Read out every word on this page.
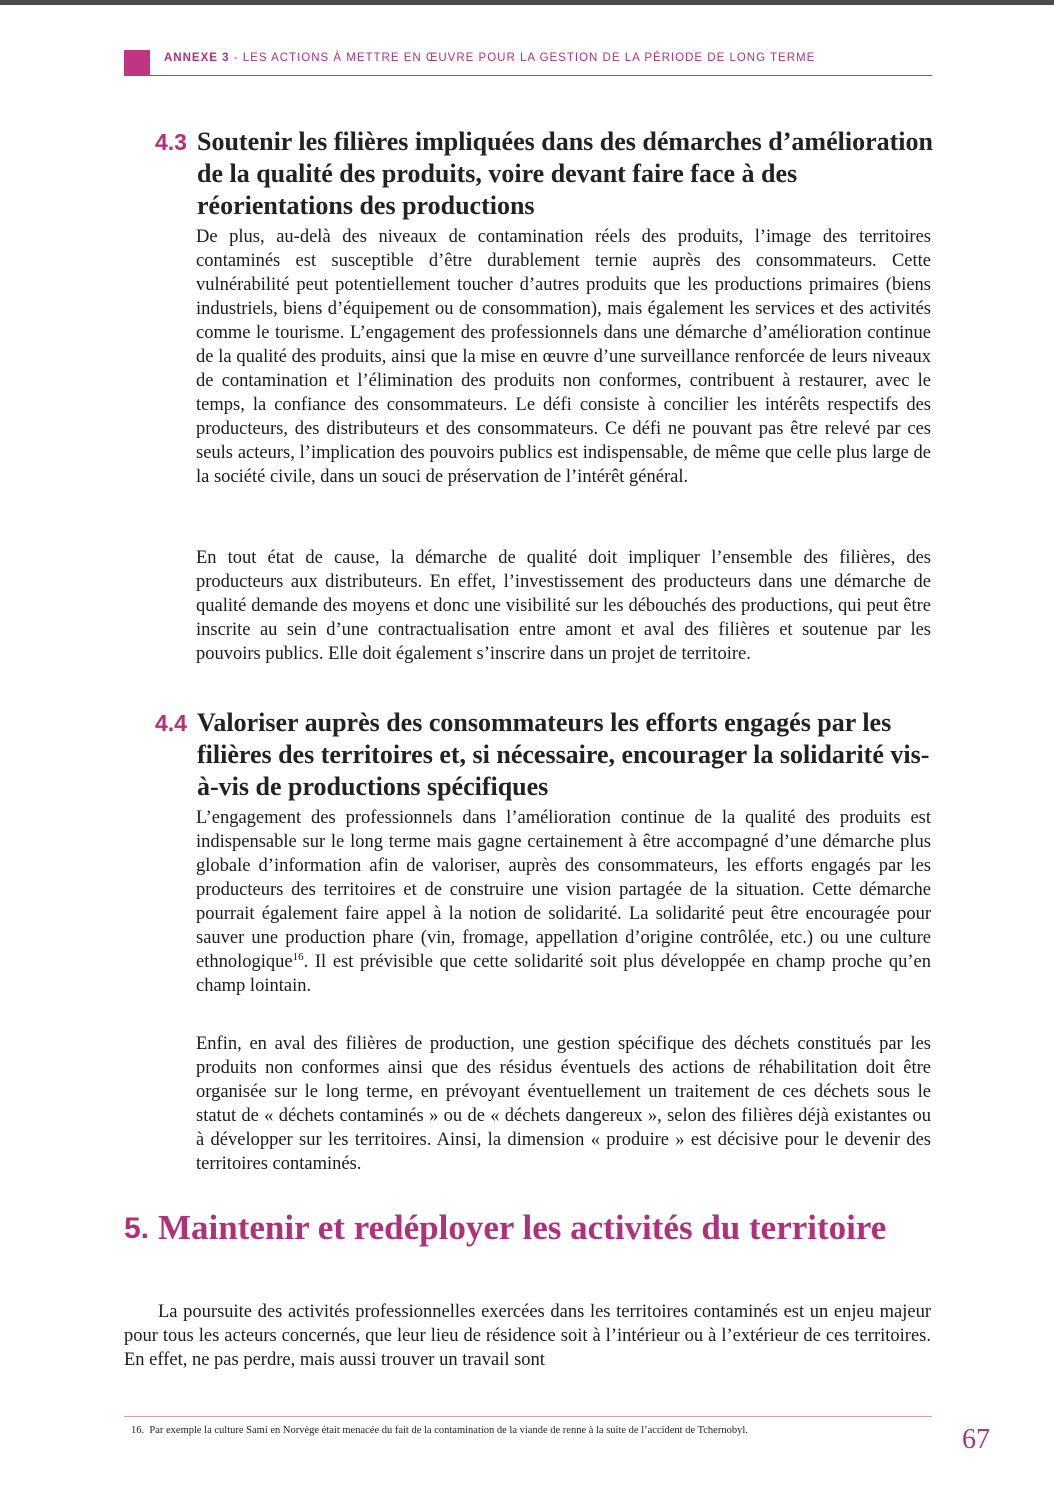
ANNEXE 3 - LES ACTIONS À METTRE EN ŒUVRE POUR LA GESTION DE LA PÉRIODE DE LONG TERME
4.3 Soutenir les filières impliquées dans des démarches d’amélioration de la qualité des produits, voire devant faire face à des réorientations des productions

De plus, au-delà des niveaux de contamination réels des produits, l’image des territoires contaminés est susceptible d’être durablement ternie auprès des consommateurs. Cette vulnérabilité peut potentiellement toucher d’autres produits que les productions primaires (biens industriels, biens d’équipement ou de consommation), mais également les services et des activités comme le tourisme. L’engagement des professionnels dans une démarche d’amélioration continue de la qualité des produits, ainsi que la mise en œuvre d’une surveillance renforcée de leurs niveaux de contamination et l’élimination des produits non conformes, contribuent à restaurer, avec le temps, la confiance des consommateurs. Le défi consiste à concilier les intérêts respectifs des producteurs, des distributeurs et des consommateurs. Ce défi ne pouvant pas être relevé par ces seuls acteurs, l’implication des pouvoirs publics est indispensable, de même que celle plus large de la société civile, dans un souci de préservation de l’intérêt général.

En tout état de cause, la démarche de qualité doit impliquer l’ensemble des filières, des producteurs aux distributeurs. En effet, l’investissement des producteurs dans une démarche de qualité demande des moyens et donc une visibilité sur les débouchés des productions, qui peut être inscrite au sein d’une contractualisation entre amont et aval des filières et soutenue par les pouvoirs publics. Elle doit également s’inscrire dans un projet de territoire.

4.4 Valoriser auprès des consommateurs les efforts engagés par les filières des territoires et, si nécessaire, encourager la solidarité vis-à-vis de productions spécifiques

L’engagement des professionnels dans l’amélioration continue de la qualité des produits est indispensable sur le long terme mais gagne certainement à être accompagné d’une démarche plus globale d’information afin de valoriser, auprès des consommateurs, les efforts engagés par les producteurs des territoires et de construire une vision partagée de la situation. Cette démarche pourrait également faire appel à la notion de solidarité. La solidarité peut être encouragée pour sauver une production phare (vin, fromage, appellation d’origine contrôlée, etc.) ou une culture ethnologique$^{16}$. Il est prévisible que cette solidarité soit plus développée en champ proche qu’en champ lointain.

Enfin, en aval des filières de production, une gestion spécifique des déchets constitués par les produits non conformes ainsi que des résidus éventuels des actions de réhabilitation doit être organisée sur le long terme, en prévoyant éventuellement un traitement de ces déchets sous le statut de « déchets contaminés » ou de « déchets dangereux », selon des filières déjà existantes ou à développer sur les territoires. Ainsi, la dimension « produire » est décisive pour le devenir des territoires contaminés.

5. Maintenir et redéployer les activités du territoire

La poursuite des activités professionnelles exercées dans les territoires contaminés est un enjeu majeur pour tous les acteurs concernés, que leur lieu de résidence soit à l’intérieur ou à l’extérieur de ces territoires. En effet, ne pas perdre, mais aussi trouver un travail sont

16. Par exemple la culture Sami en Norvège était menacée du fait de la contamination de la viande de renne à la suite de l’accident de Tchernobyl.	67
